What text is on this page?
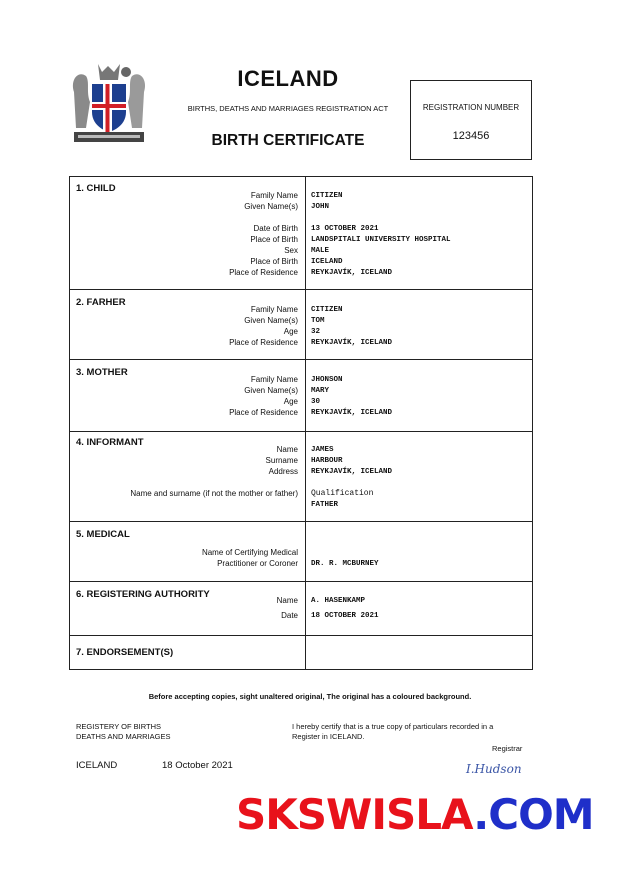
ICELAND
BIRTHS, DEATHS AND MARRIAGES REGISTRATION ACT
BIRTH CERTIFICATE
REGISTRATION NUMBER
123456
1. CHILD
Family Name CITIZEN
Given Name(s) JOHN
Date of Birth 13 OCTOBER 2021
Place of Birth LANDSPITALI UNIVERSITY HOSPITAL
Sex MALE
Place of Birth ICELAND
Place of Residence REYKJAVÍK, ICELAND
2. FARHER
Family Name CITIZEN
Given Name(s) TOM
Age 32
Place of Residence REYKJAVÍK, ICELAND
3. MOTHER
Family Name JHONSON
Given Name(s) MARY
Age 30
Place of Residence REYKJAVÍK, ICELAND
4. INFORMANT
Name JAMES
Surname HARBOUR
Address REYKJAVÍK, ICELAND
Name and surname (if not the mother or father) Qualification
FATHER
5. MEDICAL
Name of Certifying Medical
Practitioner or Coroner DR. R. MCBURNEY
6. REGISTERING AUTHORITY
Name A. HASENKAMP
Date 18 OCTOBER 2021
7. ENDORSEMENT(S)
Before accepting copies, sight unaltered original, The original has a coloured background.
REGISTERY OF BIRTHS
DEATHS AND MARRIAGES
I hereby certify that is a true copy of particulars recorded in a
Register in ICELAND.
Registrar
ICELAND	18 October 2021	I.Hudson
SKSWISLA.COM
